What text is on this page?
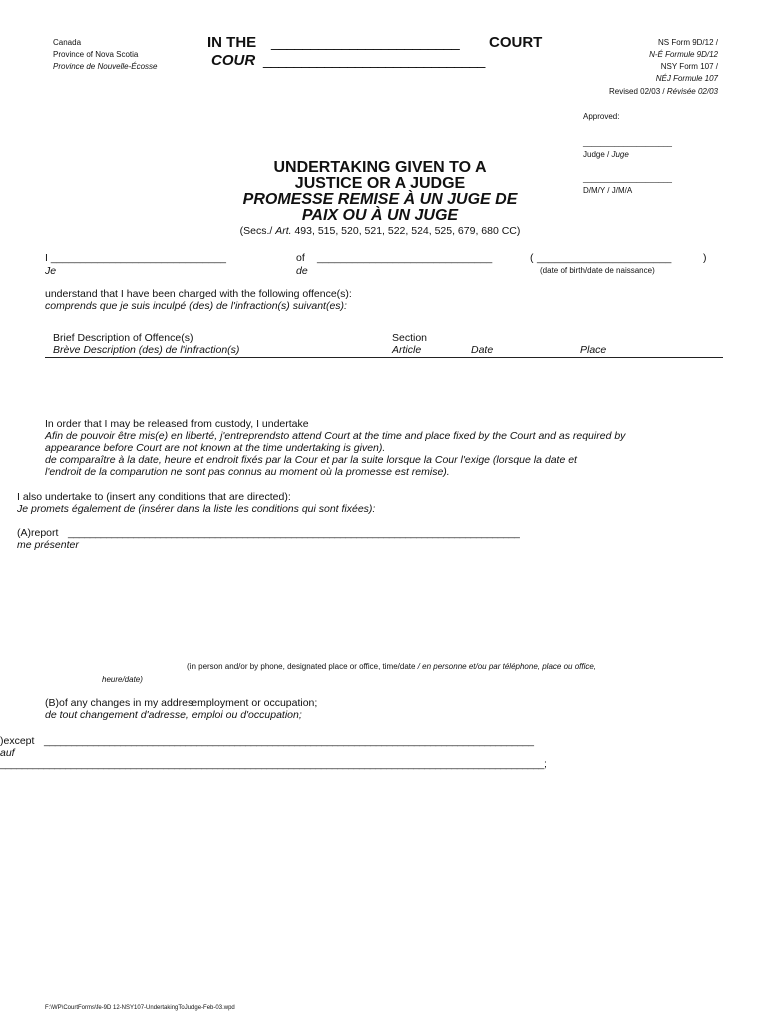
Canada
Province of Nova Scotia
Province de Nouvelle-Écosse
IN THE ________________________ COURT
COUR _____________________________
NS Form 9D/12 /
N-É Formule 9D/12
NSY Form 107 /
NÉJ Formule 107
Revised 02/03 / Révisée 02/03
Approved:
____________________
Judge / Juge
____________________
D/M/Y / J/M/A
UNDERTAKING GIVEN TO A
JUSTICE OR A JUDGE
PROMESSE REMISE À UN JUGE DE
PAIX OU À UN JUGE
(Secs./ Art. 493, 515, 520, 521, 522, 524, 525, 679, 680 CC)
I ______________________________
Je
of ______________________________
de
( _______________________	)
(date of birth/date de naissance)
understand that I have been charged with the following offence(s):
comprends que je suis inculpé (des) de l'infraction(s) suivant(es):
Brief Description of Offence(s)
Brève Description (des) de l'infraction(s)
Section
Article	Date	Place
In order that I may be released from custody, I undertake
Afin de pouvoir être mis(e) en liberté, j'entreprendsto attend Court at the time and place fixed by the Court and as required by
appearance before Court are not known at the time undertaking is given).
de comparaître à la date, heure et endroit fixés par la Cour et par la suite lorsque la Cour l'exige (lorsque la date et
l'endroit de la comparution ne sont pas connus au moment où la promesse est remise).
I also undertake to (insert any conditions that are directed):
Je promets également de (insérer dans la liste les conditions qui sont fixées):
(A)report ___________________________________________________________________________________
me présenter
(in person and/or by phone, designated place or office, time/date / en personne et/ou par téléphone, place ou office,
heure/date)
(B)of any changes in my addresemployment or occupation;
de tout changement d'adresse, emploi ou d'occupation;
)except __________________________________________________________________________________________
auf
____________________________________________________________________________________________________;
F:\WP\CourtForms\fe-9D 12-NSY107-UndertakingToJudge-Feb-03.wpd
